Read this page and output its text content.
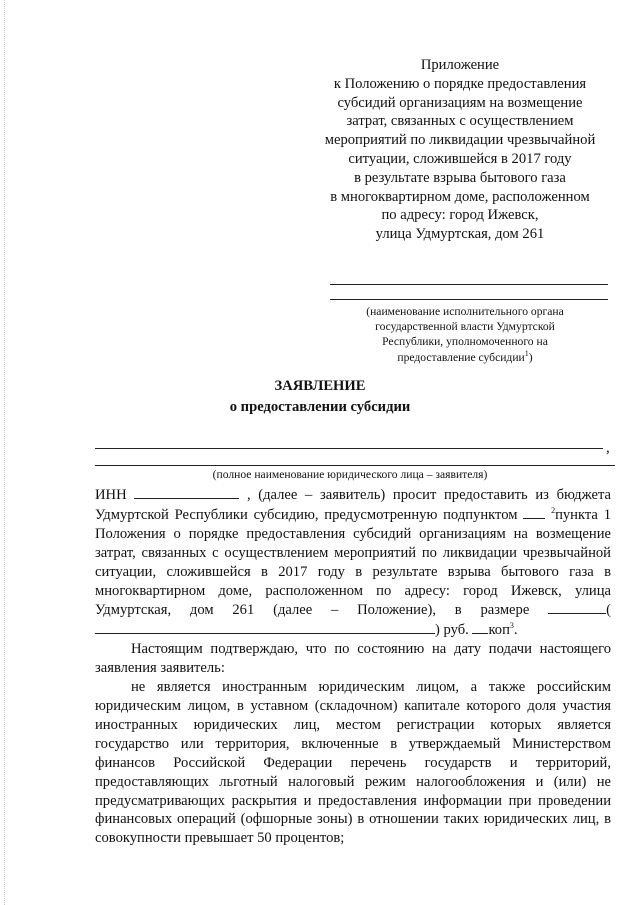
Приложение
к Положению о порядке предоставления
субсидий организациям на возмещение
затрат, связанных с осуществлением
мероприятий по ликвидации чрезвычайной
ситуации, сложившейся в 2017 году
в результате взрыва бытового газа
в многоквартирном доме, расположенном
по адресу: город Ижевск,
улица Удмуртская, дом 261
(наименование исполнительного органа
государственной власти Удмуртской
Республики, уполномоченного на
предоставление субсидии$^1$)
ЗАЯВЛЕНИЕ
о предоставлении субсидии
,
(полное наименование юридического лица – заявителя)

ИНН	, (далее – заявитель) просит предоставить из бюджета Удмуртской Республики субсидию, предусмотренную подпунктом	$^2$пункта 1 Положения о порядке предоставления субсидий организациям на возмещение затрат, связанных с осуществлением мероприятий по ликвидации чрезвычайной ситуации, сложившейся в 2017 году в результате взрыва бытового газа в многоквартирном доме, расположенном по адресу: город Ижевск, улица Удмуртская, дом 261 (далее – Положение), в размере	() руб. коп$^3$.

Настоящим подтверждаю, что по состоянию на дату подачи настоящего заявления заявитель:

не является иностранным юридическим лицом, а также российским юридическим лицом, в уставном (складочном) капитале которого доля участия иностранных юридических лиц, местом регистрации которых является государство или территория, включенные в утверждаемый Министерством финансов Российской Федерации перечень государств и территорий, предоставляющих льготный налоговый режим налогообложения и (или) не предусматривающих раскрытия и предоставления информации при проведении финансовых операций (офшорные зоны) в отношении таких юридических лиц, в совокупности превышает 50 процентов;
